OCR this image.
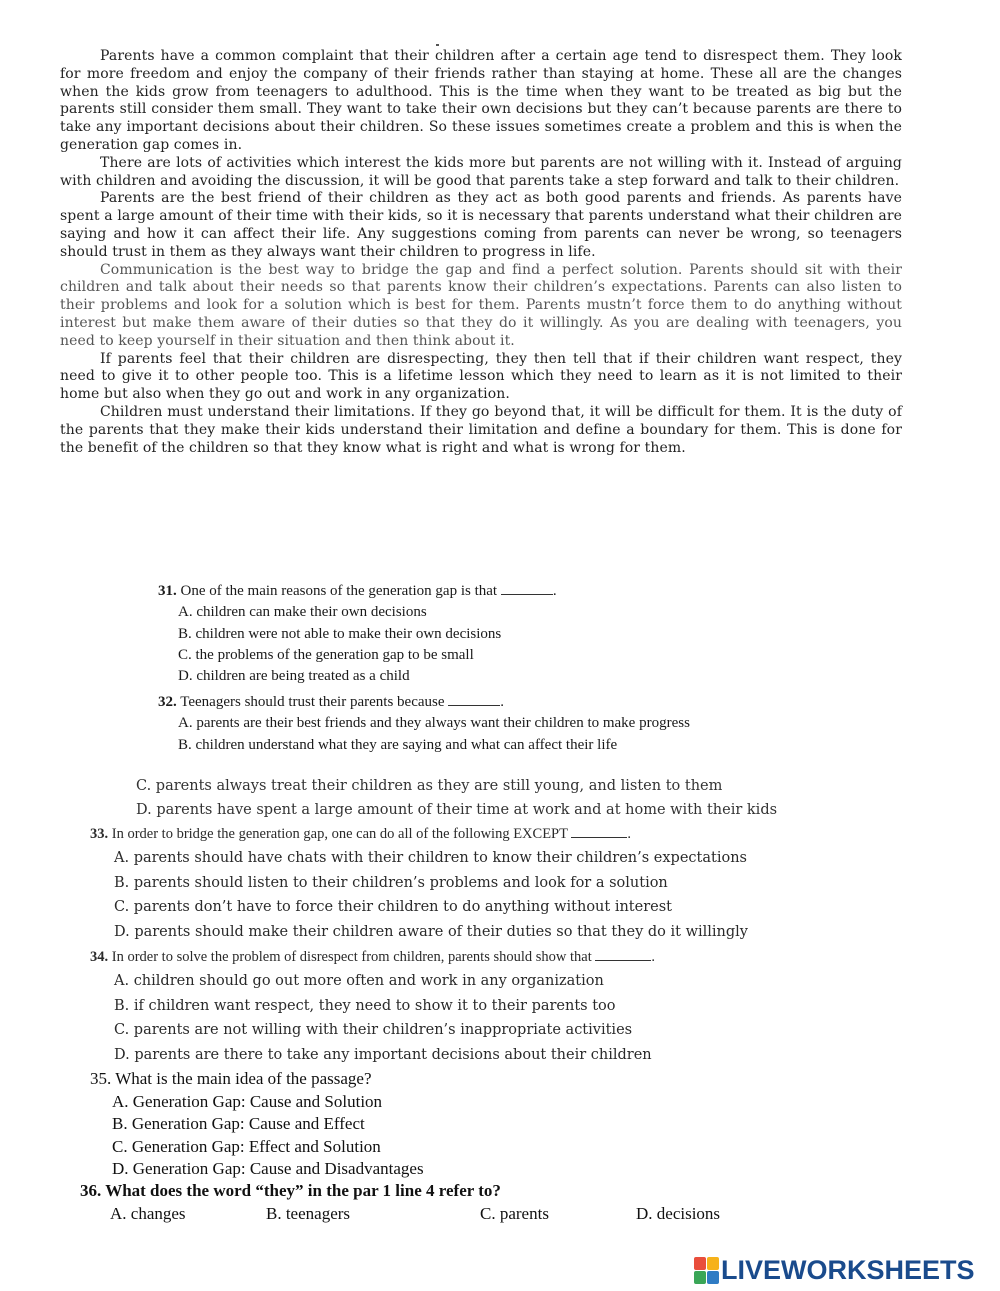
Parents have a common complaint that their children after a certain age tend to disrespect them. They look for more freedom and enjoy the company of their friends rather than staying at home. These all are the changes when the kids grow from teenagers to adulthood. This is the time when they want to be treated as big but the parents still consider them small. They want to take their own decisions but they can’t because parents are there to take any important decisions about their children. So these issues sometimes create a problem and this is when the generation gap comes in.

There are lots of activities which interest the kids more but parents are not willing with it. Instead of arguing with children and avoiding the discussion, it will be good that parents take a step forward and talk to their children.

Parents are the best friend of their children as they act as both good parents and friends. As parents have spent a large amount of their time with their kids, so it is necessary that parents understand what their children are saying and how it can affect their life. Any suggestions coming from parents can never be wrong, so teenagers should trust in them as they always want their children to progress in life.

Communication is the best way to bridge the gap and find a perfect solution. Parents should sit with their children and talk about their needs so that parents know their children’s expectations. Parents can also listen to their problems and look for a solution which is best for them. Parents mustn’t force them to do anything without interest but make them aware of their duties so that they do it willingly. As you are dealing with teenagers, you need to keep yourself in their situation and then think about it.

If parents feel that their children are disrespecting, they then tell that if their children want respect, they need to give it to other people too. This is a lifetime lesson which they need to learn as it is not limited to their home but also when they go out and work in any organization.

Children must understand their limitations. If they go beyond that, it will be difficult for them. It is the duty of the parents that they make their kids understand their limitation and define a boundary for them. This is done for the benefit of the children so that they know what is right and what is wrong for them.

31. One of the main reasons of the generation gap is that	.
A. children can make their own decisions
B. children were not able to make their own decisions
C. the problems of the generation gap to be small
D. children are being treated as a child
32. Teenagers should trust their parents because	.
A. parents are their best friends and they always want their children to make progress
B. children understand what they are saying and what can affect their life
C. parents always treat their children as they are still young, and listen to them
D. parents have spent a large amount of their time at work and at home with their kids
33. In order to bridge the generation gap, one can do all of the following EXCEPT	.
A. parents should have chats with their children to know their children’s expectations
B. parents should listen to their children’s problems and look for a solution
C. parents don’t have to force their children to do anything without interest
D. parents should make their children aware of their duties so that they do it willingly
34. In order to solve the problem of disrespect from children, parents should show that	.
A. children should go out more often and work in any organization
B. if children want respect, they need to show it to their parents too
C. parents are not willing with their children’s inappropriate activities
D. parents are there to take any important decisions about their children
35. What is the main idea of the passage?
A. Generation Gap: Cause and Solution
B. Generation Gap: Cause and Effect
C. Generation Gap: Effect and Solution
D. Generation Gap: Cause and Disadvantages
36. What does the word “they” in the par 1 line 4 refer to?
A. changes	B. teenagers	C. parents	D. decisions
LIVEWORKSHEETS
